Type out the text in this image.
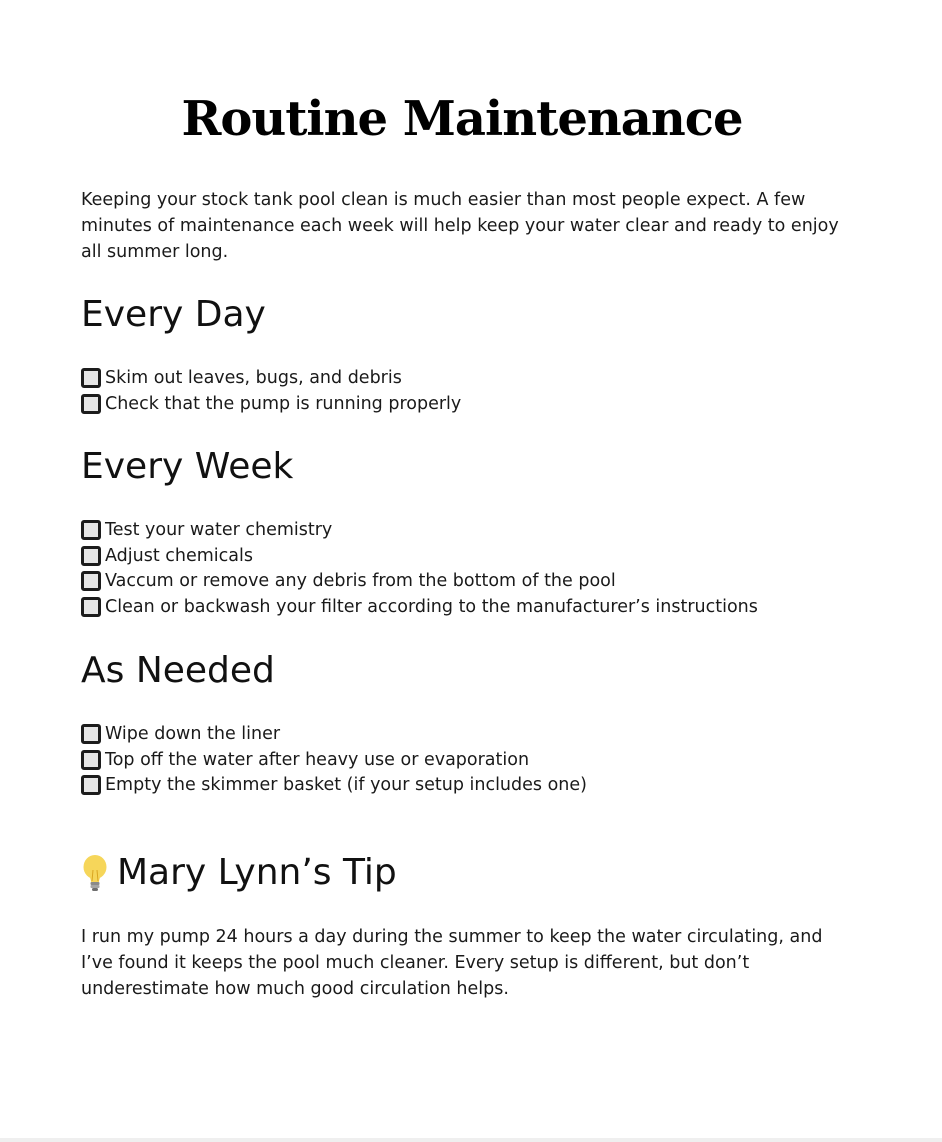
Routine Maintenance

Keeping your stock tank pool clean is much easier than most people expect. A few minutes of maintenance each week will help keep your water clear and ready to enjoy all summer long.

Every Day
Skim out leaves, bugs, and debris
Check that the pump is running properly
Every Week
Test your water chemistry
Adjust chemicals
Vaccum or remove any debris from the bottom of the pool
Clean or backwash your filter according to the manufacturer’s instructions
As Needed
Wipe down the liner
Top off the water after heavy use or evaporation
Empty the skimmer basket (if your setup includes one)
Mary Lynn’s Tip

I run my pump 24 hours a day during the summer to keep the water circulating, and I’ve found it keeps the pool much cleaner. Every setup is different, but don’t underestimate how much good circulation helps.
